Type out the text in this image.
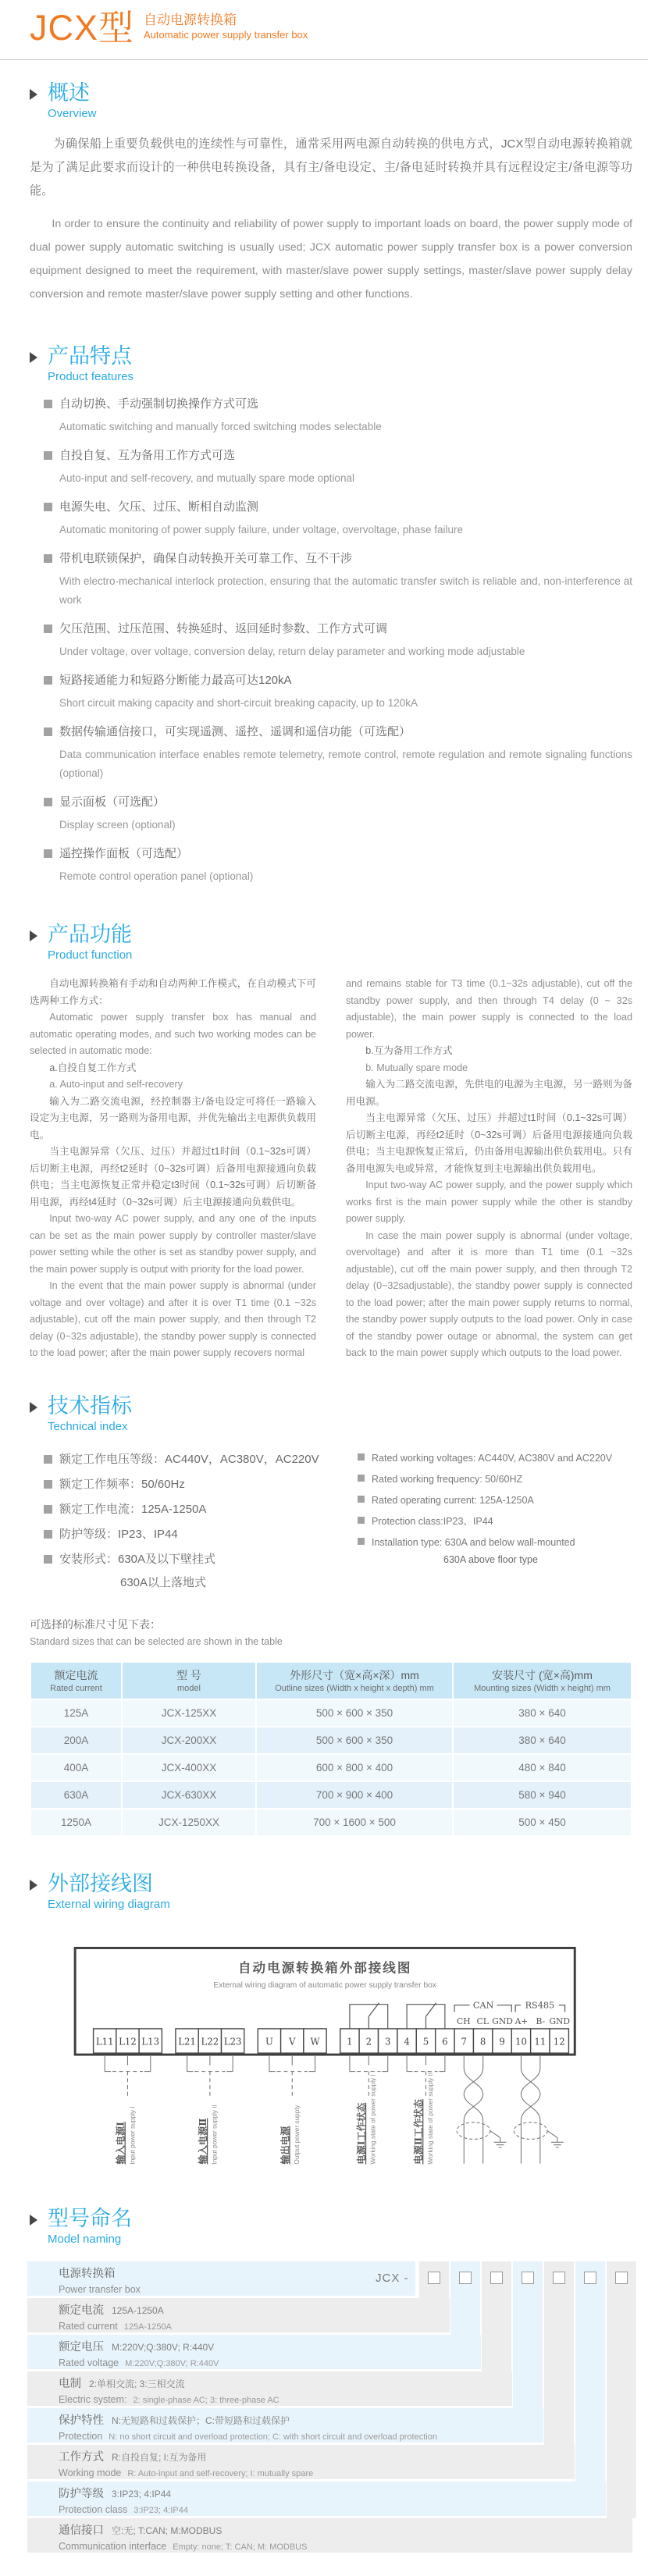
JCX型 自动电源转换箱
Automatic power supply transfer box
概述
Overview

为确保船上重要负载供电的连续性与可靠性，通常采用两电源自动转换的供电方式，JCX型自动电源转换箱就是为了满足此要求而设计的一种供电转换设备，具有主/备电设定、主/备电延时转换并具有远程设定主/备电源等功能。

In order to ensure the continuity and reliability of power supply to important loads on board, the power supply mode of dual power supply automatic switching is usually used; JCX automatic power supply transfer box is a power conversion equipment designed to meet the requirement, with master/slave power supply settings, master/slave power supply delay conversion and remote master/slave power supply setting and other functions.

产品特点
Product features
自动切换、手动强制切换操作方式可选
Automatic switching and manually forced switching modes selectable
自投自复、互为备用工作方式可选
Auto-input and self-recovery, and mutually spare mode optional
电源失电、欠压、过压、断相自动监测
Automatic monitoring of power supply failure, under voltage, overvoltage, phase failure
带机电联锁保护，确保自动转换开关可靠工作、互不干涉
With electro-mechanical interlock protection, ensuring that the automatic transfer switch is reliable and, non-interference at work
欠压范围、过压范围、转换延时、返回延时参数、工作方式可调
Under voltage, over voltage, conversion delay, return delay parameter and working mode adjustable
短路接通能力和短路分断能力最高可达120kA
Short circuit making capacity and short-circuit breaking capacity, up to 120kA
数据传输通信接口，可实现遥测、遥控、遥调和遥信功能（可选配）
Data communication interface enables remote telemetry, remote control, remote regulation and remote signaling functions (optional)
显示面板（可选配）
Display screen (optional)
遥控操作面板（可选配）
Remote control operation panel (optional)
产品功能
Product function

自动电源转换箱有手动和自动两种工作模式，在自动模式下可选两种工作方式：

Automatic power supply transfer box has manual and automatic operating modes, and such two working modes can be selected in automatic mode:

a.自投自复工作方式

a. Auto-input and self-recovery

输入为二路交流电源，经控制器主/备电设定可将任一路输入设定为主电源，另一路则为备用电源，并优先输出主电源供负载用电。

当主电源异常（欠压、过压）并超过t1时间（0.1~32s可调）后切断主电源，再经t2延时（0~32s可调）后备用电源接通向负载供电；当主电源恢复正常并稳定t3时间（0.1~32s可调）后切断备用电源，再经t4延时（0~32s可调）后主电源接通向负载供电。

Input two-way AC power supply, and any one of the inputs can be set as the main power supply by controller master/slave power setting while the other is set as standby power supply, and the main power supply is output with priority for the load power.

In the event that the main power supply is abnormal (under voltage and over voltage) and after it is over T1 time (0.1 ~32s adjustable), cut off the main power supply, and then through T2 delay (0~32s adjustable), the standby power supply is connected to the load power; after the main power supply recovers normal

and remains stable for T3 time (0.1~32s adjustable), cut off the standby power supply, and then through T4 delay (0 ~ 32s adjustable), the main power supply is connected to the load power.

b.互为备用工作方式

b. Mutually spare mode

输入为二路交流电源，先供电的电源为主电源，另一路则为备用电源。

当主电源异常（欠压、过压）并超过t1时间（0.1~32s可调）后切断主电源，再经t2延时（0~32s可调）后备用电源接通向负载供电；当主电源恢复正常后，仍由备用电源输出供负载用电。只有备用电源失电或异常，才能恢复到主电源输出供负载用电。

Input two-way AC power supply, and the power supply which works first is the main power supply while the other is standby power supply.

In case the main power supply is abnormal (under voltage, overvoltage) and after it is more than T1 time (0.1 ~32s adjustable), cut off the main power supply, and then through T2 delay (0~32sadjustable), the standby power supply is connected to the load power; after the main power supply returns to normal, the standby power supply outputs to the load power. Only in case of the standby power outage or abnormal, the system can get back to the main power supply which outputs to the load power.

技术指标
Technical index
额定工作电压等级：AC440V，AC380V，AC220V
额定工作频率：50/60Hz
额定工作电流：125A-1250A
防护等级：IP23、IP44
安装形式：630A及以下壁挂式
630A以上落地式
Rated working voltages: AC440V, AC380V and AC220V
Rated working frequency: 50/60HZ
Rated operating current: 125A-1250A
Protection class:IP23、IP44
Installation type: 630A and below wall-mounted
630A above floor type
可选择的标准尺寸见下表：
Standard sizes that can be selected are shown in the table
额定电流
Rated current

型 号
model

外形尺寸（宽×高×深）mm
Outline sizes (Width x height x depth) mm

安装尺寸 (宽×高)mm
Mounting sizes (Width x height) mm

125A	JCX-125XX	500 × 600 × 350	380 × 640
200A	JCX-200XX	500 × 600 × 350	380 × 640
400A	JCX-400XX	600 × 800 × 400	480 × 840
630A	JCX-630XX	700 × 900 × 400	580 × 940
1250A	JCX-1250XX	700 × 1600 × 500	500 × 450
外部接线图
External wiring diagram
自动电源转换箱外部接线图
External wiring diagram of automatic power supply transfer box
CAN	RS485
CH CL GND A+ B- GND
L11 L12 L13 L21 L22 L23	U V W	1 2 3 4 5 6 7 8 9 10 11 12
输入电源Ⅰ Input power supply I	输入电源Ⅱ Input power supply II	输出电源 Output power supply	电源Ⅰ工作状态 Working state of power supply I	电源Ⅱ工作状态 Working state of power supply II
型号命名
Model naming
JCX -
电源转换箱
Power transfer box
额定电流 125A-1250A
Rated current 125A-1250A
额定电压 M:220V;Q:380V; R:440V
Rated voltage M:220V;Q:380V; R:440V
电制 2:单相交流; 3:三相交流
Electric system: 2: single-phase AC; 3: three-phase AC
保护特性 N:无短路和过载保护；C:带短路和过载保护
Protection N: no short circuit and overload protection; C: with short circuit and overload protection
工作方式 R:自投自复; I:互为备用
Working mode R: Auto-input and self-recovery; I: mutually spare
防护等级 3:IP23; 4:IP44
Protection class 3:IP23; 4:IP44
通信接口 空:无; T:CAN; M:MODBUS
Communication interface Empty: none; T: CAN; M: MODBUS
